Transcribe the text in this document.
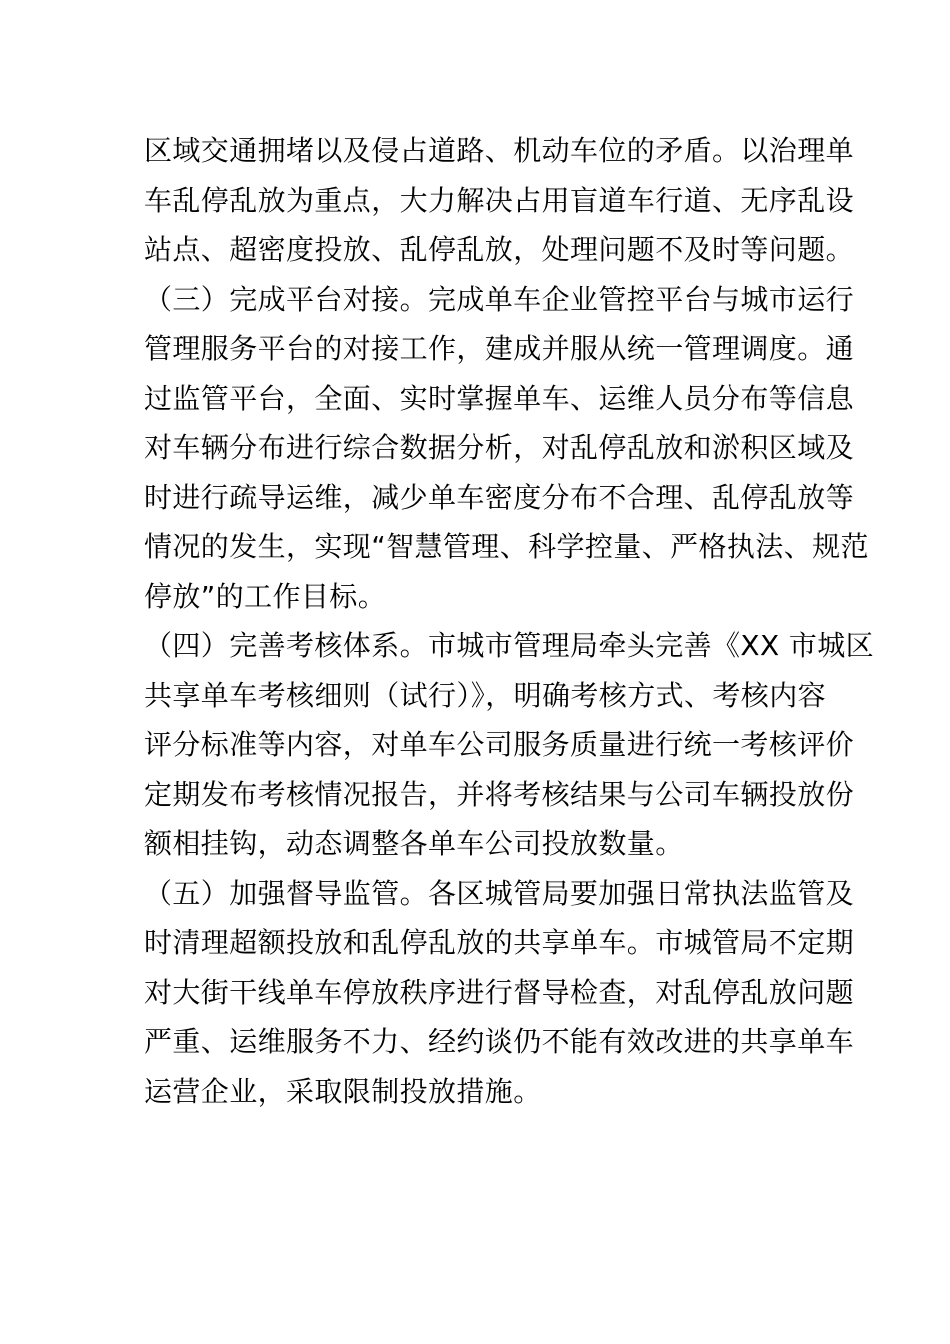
区域交通拥堵以及侵占道路、机动车位的矛盾。以治理单
车乱停乱放为重点，大力解决占用盲道车行道、无序乱设
站点、超密度投放、乱停乱放，处理问题不及时等问题。
（三）完成平台对接。完成单车企业管控平台与城市运行
管理服务平台的对接工作，建成并服从统一管理调度。通
过监管平台，全面、实时掌握单车、运维人员分布等信息
对车辆分布进行综合数据分析，对乱停乱放和淤积区域及
时进行疏导运维，减少单车密度分布不合理、乱停乱放等
情况的发生，实现“智慧管理、科学控量、严格执法、规范
停放”的工作目标。
（四）完善考核体系。市城市管理局牵头完善《XX 市城区
共享单车考核细则（试行）》，明确考核方式、考核内容
评分标准等内容，对单车公司服务质量进行统一考核评价
定期发布考核情况报告，并将考核结果与公司车辆投放份
额相挂钩，动态调整各单车公司投放数量。
（五）加强督导监管。各区城管局要加强日常执法监管及
时清理超额投放和乱停乱放的共享单车。市城管局不定期
对大街干线单车停放秩序进行督导检查，对乱停乱放问题
严重、运维服务不力、经约谈仍不能有效改进的共享单车
运营企业，采取限制投放措施。
